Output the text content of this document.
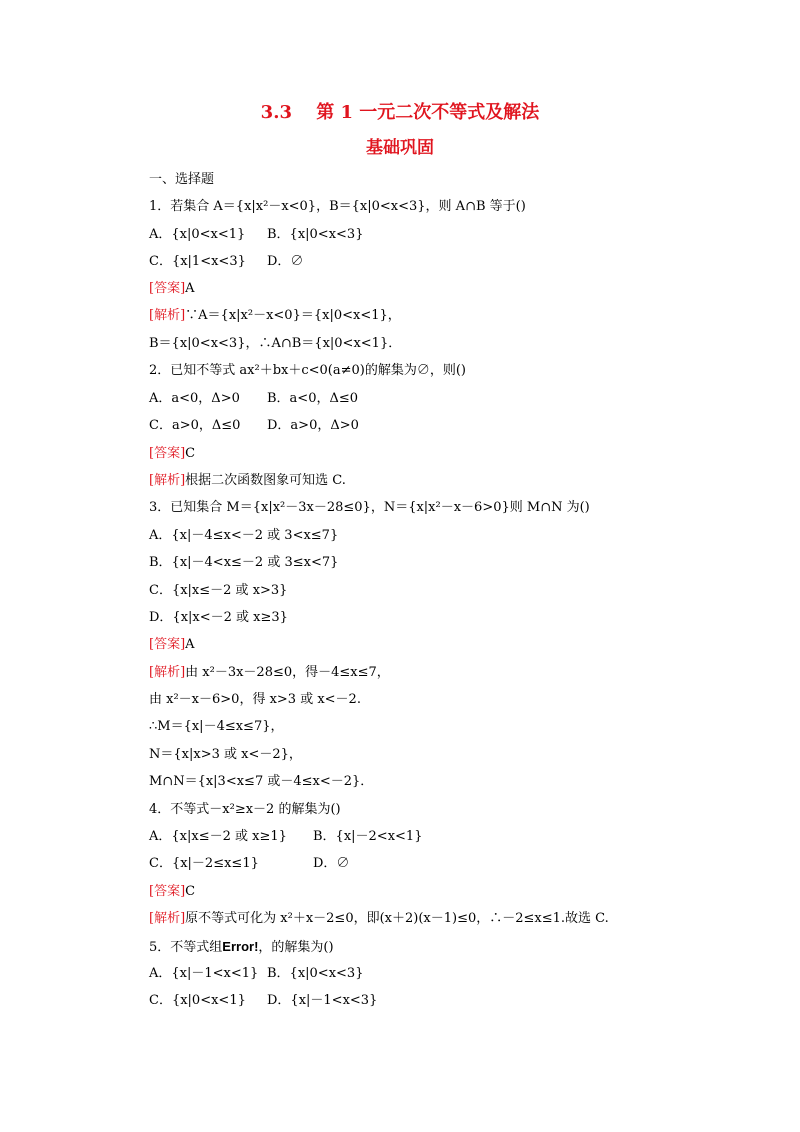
3.3　 第 1 一元二次不等式及解法
基础巩固
一、选择题
1．若集合 A＝{x|x²－x<0}，B＝{x|0<x<3}，则 A∩B 等于()
A．{x|0<x<1} B．{x|0<x<3}
C．{x|1<x<3} D．∅
[答案]A
[解析]∵A＝{x|x²－x<0}＝{x|0<x<1}，
B＝{x|0<x<3}，∴A∩B＝{x|0<x<1}．
2．已知不等式 ax²＋bx＋c<0(a≠0)的解集为∅，则()
A．a<0，Δ>0 B．a<0，Δ≤0
C．a>0，Δ≤0 D．a>0，Δ>0
[答案]C
[解析]根据二次函数图象可知选 C.
3．已知集合 M＝{x|x²－3x－28≤0}，N＝{x|x²－x－6>0}则 M∩N 为()
A．{x|－4≤x<－2 或 3<x≤7}
B．{x|－4<x≤－2 或 3≤x<7}
C．{x|x≤－2 或 x>3}
D．{x|x<－2 或 x≥3}
[答案]A
[解析]由 x²－3x－28≤0，得－4≤x≤7，
由 x²－x－6>0，得 x>3 或 x<－2.
∴M＝{x|－4≤x≤7}，
N＝{x|x>3 或 x<－2}，
M∩N＝{x|3<x≤7 或－4≤x<－2}．
4．不等式－x²≥x－2 的解集为()
A．{x|x≤－2 或 x≥1} B．{x|－2<x<1}
C．{x|－2≤x≤1}	D．∅
[答案]C
[解析]原不等式可化为 x²＋x－2≤0，即(x＋2)(x－1)≤0，∴－2≤x≤1.故选 C.
5．不等式组Error!，的解集为()
A．{x|－1<x<1} B．{x|0<x<3}
C．{x|0<x<1} D．{x|－1<x<3}
